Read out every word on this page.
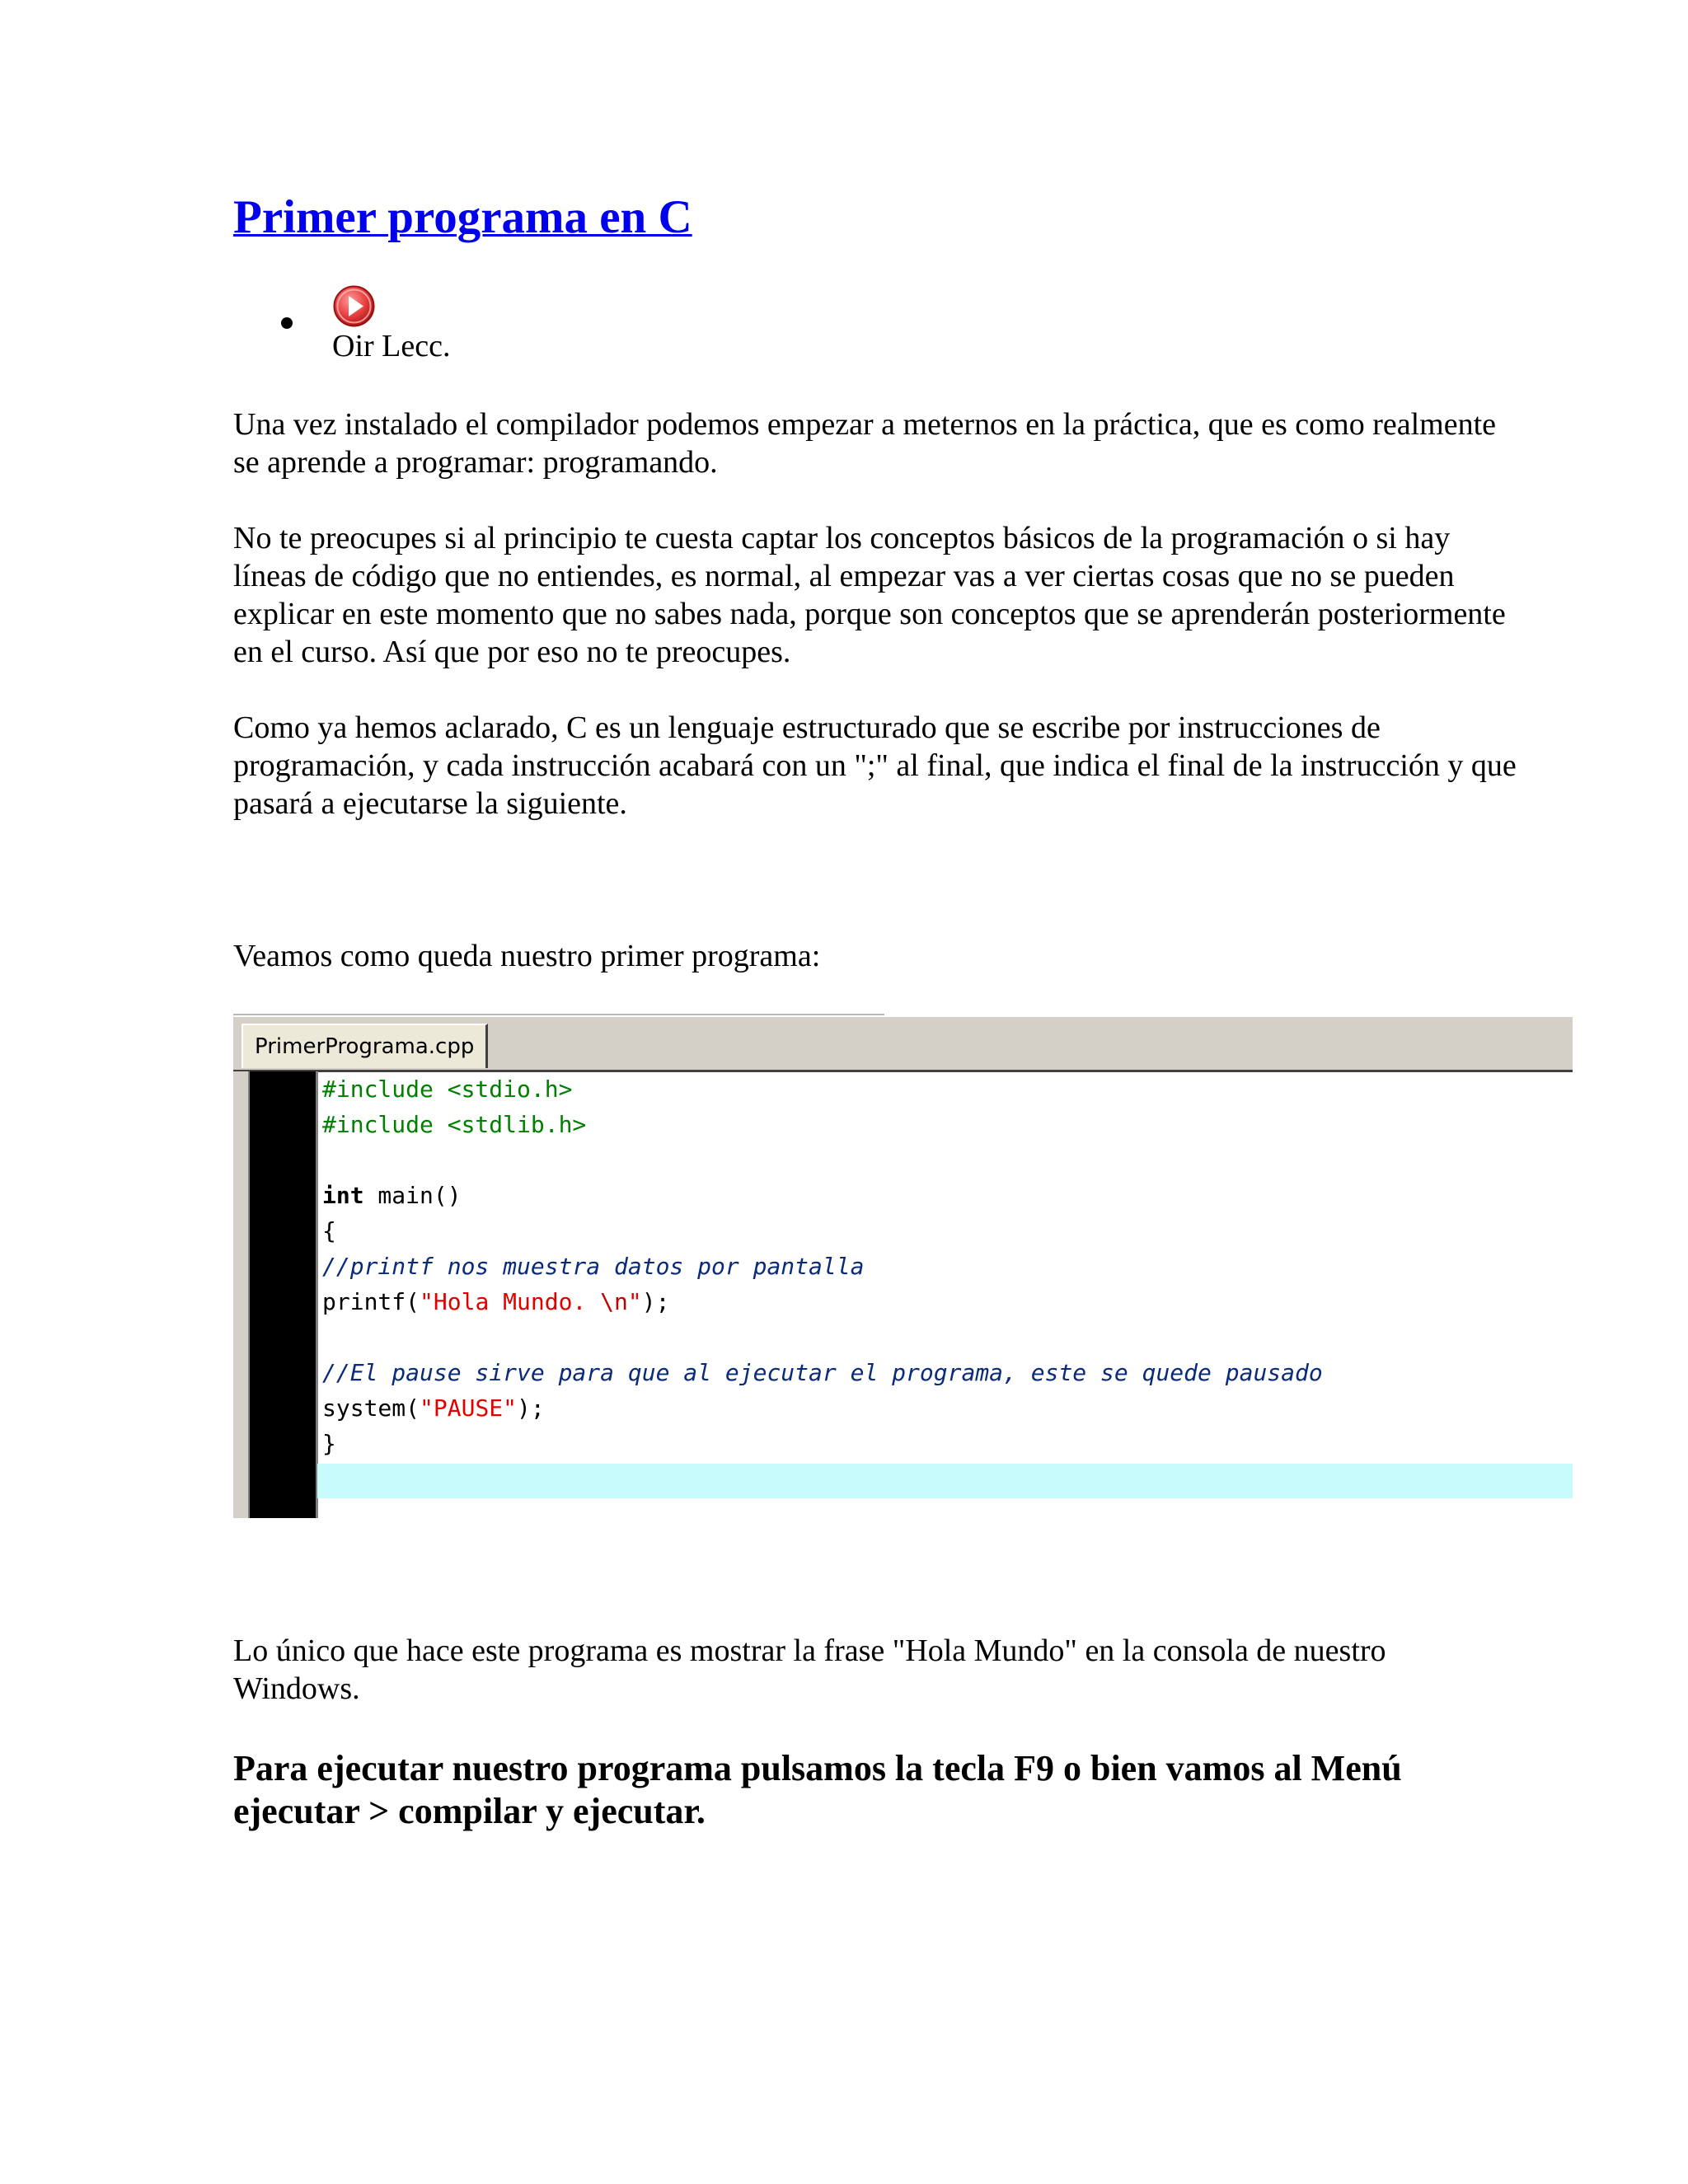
Primer programa en C
Oir Lecc.

Una vez instalado el compilador podemos empezar a meternos en la práctica, que es como realmente se aprende a programar: programando.

No te preocupes si al principio te cuesta captar los conceptos básicos de la programación o si hay líneas de código que no entiendes, es normal, al empezar vas a ver ciertas cosas que no se pueden explicar en este momento que no sabes nada, porque son conceptos que se aprenderán posteriormente en el curso. Así que por eso no te preocupes.

Como ya hemos aclarado, C es un lenguaje estructurado que se escribe por instrucciones de programación, y cada instrucción acabará con un ";" al final, que indica el final de la instrucción y que pasará a ejecutarse la siguiente.

Veamos como queda nuestro primer programa:

PrimerPrograma.cpp
#include <stdio.h>
#include <stdlib.h>
int main()
{
//printf nos muestra datos por pantalla
printf("Hola Mundo. \n");
//El pause sirve para que al ejecutar el programa, este se quede pausado
system("PAUSE");
}

Lo único que hace este programa es mostrar la frase "Hola Mundo" en la consola de nuestro Windows.

Para ejecutar nuestro programa pulsamos la tecla F9 o bien vamos al Menú ejecutar > compilar y ejecutar.
